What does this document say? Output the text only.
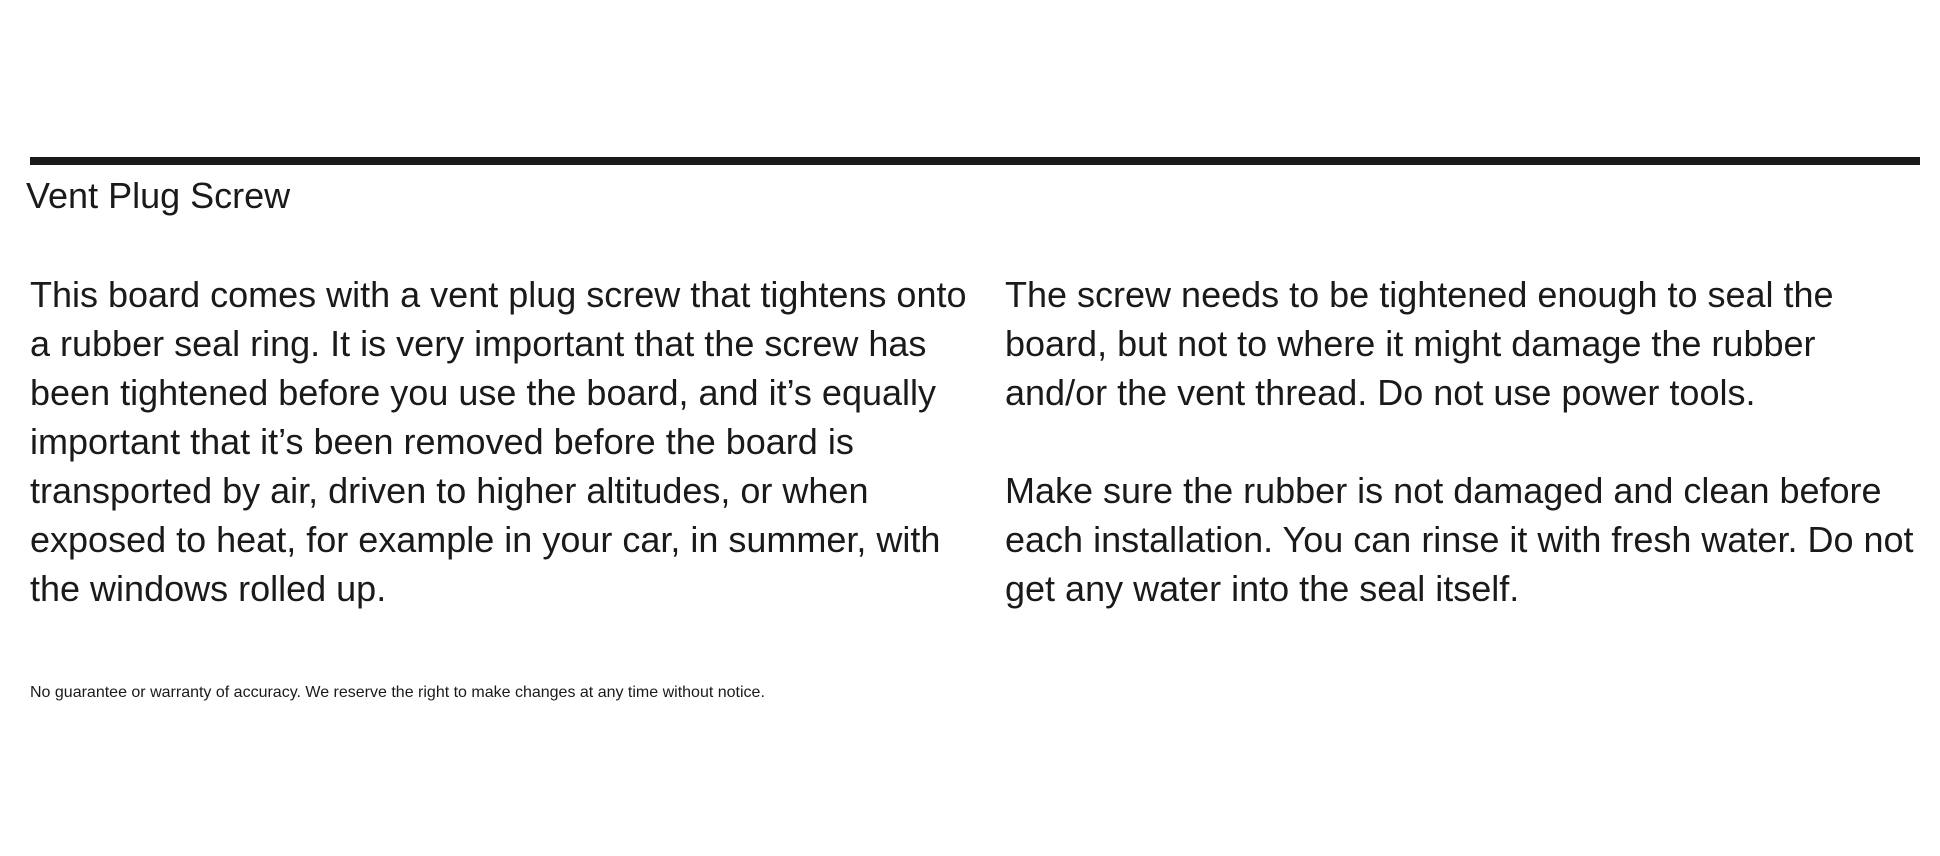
Vent Plug Screw

This board comes with a vent plug screw that tightens onto a rubber seal ring. It is very important that the screw has been tightened before you use the board, and it’s equally important that it’s been removed before the board is transported by air, driven to higher altitudes, or when exposed to heat, for example in your car, in summer, with the windows rolled up.

The screw needs to be tightened enough to seal the board, but not to where it might damage the rubber and/or the vent thread. Do not use power tools.

Make sure the rubber is not damaged and clean before each installation. You can rinse it with fresh water. Do not get any water into the seal itself.

No guarantee or warranty of accuracy. We reserve the right to make changes at any time without notice.
